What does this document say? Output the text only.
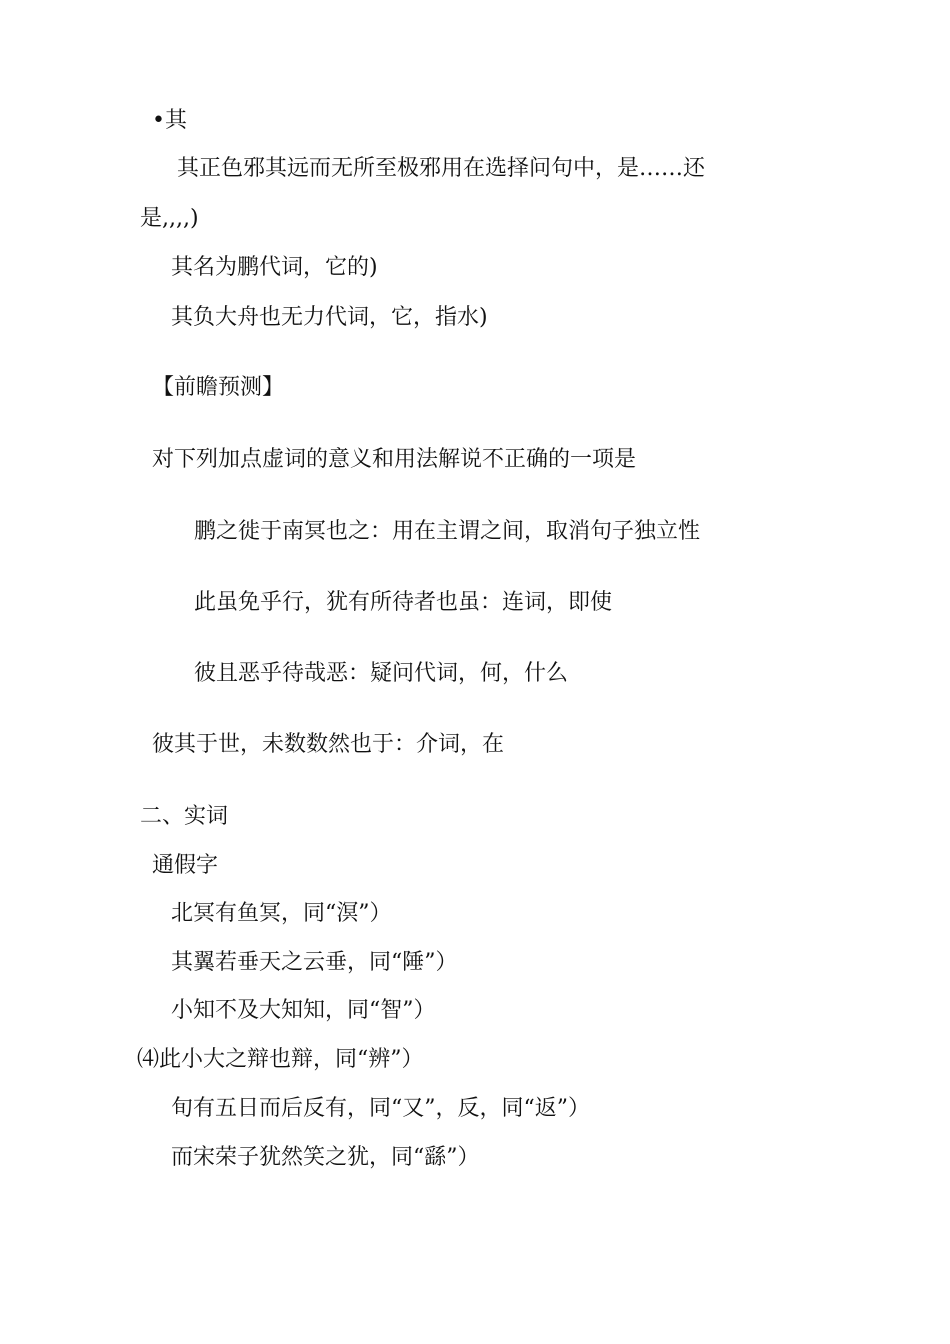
•其
其正色邪其远而无所至极邪用在选择问句中，是……还
是,,,,)
其名为鹏代词，它的)
其负大舟也无力代词，它，指水)
【前瞻预测】
对下列加点虚词的意义和用法解说不正确的一项是
鹏之徙于南冥也之：用在主谓之间，取消句子独立性
此虽免乎行，犹有所待者也虽：连词，即使
彼且恶乎待哉恶：疑问代词，何，什么
彼其于世，未数数然也于：介词，在
二、实词
通假字
北冥有鱼冥，同“溟”）
其翼若垂天之云垂，同“陲”）
小知不及大知知，同“智”）
⑷此小大之辩也辩，同“辨”）
旬有五日而后反有，同“又”，反，同“返”）
而宋荣子犹然笑之犹，同“繇”）
